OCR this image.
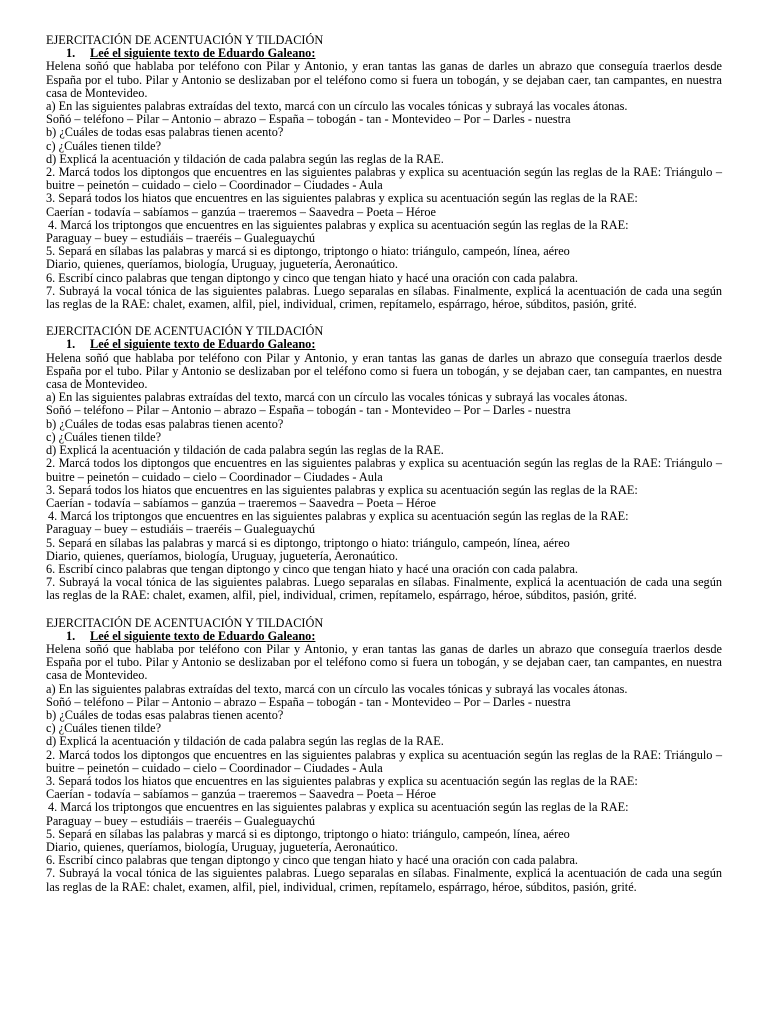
EJERCITACIÓN DE ACENTUACIÓN Y TILDACIÓN

1. Leé el siguiente texto de Eduardo Galeano:

Helena soñó que hablaba por teléfono con Pilar y Antonio, y eran tantas las ganas de darles un abrazo que conseguía traerlos desde España por el tubo. Pilar y Antonio se deslizaban por el teléfono como si fuera un tobogán, y se dejaban caer, tan campantes, en nuestra casa de Montevideo.

a) En las siguientes palabras extraídas del texto, marcá con un círculo las vocales tónicas y subrayá las vocales átonas.

Soñó – teléfono – Pilar – Antonio – abrazo – España – tobogán - tan - Montevideo – Por – Darles - nuestra

b) ¿Cuáles de todas esas palabras tienen acento?

c) ¿Cuáles tienen tilde?

d) Explicá la acentuación y tildación de cada palabra según las reglas de la RAE.

2. Marcá todos los diptongos que encuentres en las siguientes palabras y explica su acentuación según las reglas de la RAE: Triángulo – buitre – peinetón – cuidado – cielo – Coordinador – Ciudades - Aula

3. Separá todos los hiatos que encuentres en las siguientes palabras y explica su acentuación según las reglas de la RAE:

Caerían - todavía – sabíamos – ganzúa – traeremos – Saavedra – Poeta – Héroe

4. Marcá los triptongos que encuentres en las siguientes palabras y explica su acentuación según las reglas de la RAE:

Paraguay – buey – estudiáis – traeréis – Gualeguaychú

5. Separá en sílabas las palabras y marcá si es diptongo, triptongo o hiato: triángulo, campeón, línea, aéreo

Diario, quienes, queríamos, biología, Uruguay, juguetería, Aeronaútico.

6. Escribí cinco palabras que tengan diptongo y cinco que tengan hiato y hacé una oración con cada palabra.

7. Subrayá la vocal tónica de las siguientes palabras. Luego separalas en sílabas. Finalmente, explicá la acentuación de cada una según las reglas de la RAE: chalet, examen, alfil, piel, individual, crimen, repítamelo, espárrago, héroe, súbditos, pasión, grité.

EJERCITACIÓN DE ACENTUACIÓN Y TILDACIÓN

1. Leé el siguiente texto de Eduardo Galeano:

Helena soñó que hablaba por teléfono con Pilar y Antonio, y eran tantas las ganas de darles un abrazo que conseguía traerlos desde España por el tubo. Pilar y Antonio se deslizaban por el teléfono como si fuera un tobogán, y se dejaban caer, tan campantes, en nuestra casa de Montevideo.

a) En las siguientes palabras extraídas del texto, marcá con un círculo las vocales tónicas y subrayá las vocales átonas.

Soñó – teléfono – Pilar – Antonio – abrazo – España – tobogán - tan - Montevideo – Por – Darles - nuestra

b) ¿Cuáles de todas esas palabras tienen acento?

c) ¿Cuáles tienen tilde?

d) Explicá la acentuación y tildación de cada palabra según las reglas de la RAE.

2. Marcá todos los diptongos que encuentres en las siguientes palabras y explica su acentuación según las reglas de la RAE: Triángulo – buitre – peinetón – cuidado – cielo – Coordinador – Ciudades - Aula

3. Separá todos los hiatos que encuentres en las siguientes palabras y explica su acentuación según las reglas de la RAE:

Caerían - todavía – sabíamos – ganzúa – traeremos – Saavedra – Poeta – Héroe

4. Marcá los triptongos que encuentres en las siguientes palabras y explica su acentuación según las reglas de la RAE:

Paraguay – buey – estudiáis – traeréis – Gualeguaychú

5. Separá en sílabas las palabras y marcá si es diptongo, triptongo o hiato: triángulo, campeón, línea, aéreo

Diario, quienes, queríamos, biología, Uruguay, juguetería, Aeronaútico.

6. Escribí cinco palabras que tengan diptongo y cinco que tengan hiato y hacé una oración con cada palabra.

7. Subrayá la vocal tónica de las siguientes palabras. Luego separalas en sílabas. Finalmente, explicá la acentuación de cada una según las reglas de la RAE: chalet, examen, alfil, piel, individual, crimen, repítamelo, espárrago, héroe, súbditos, pasión, grité.

EJERCITACIÓN DE ACENTUACIÓN Y TILDACIÓN

1. Leé el siguiente texto de Eduardo Galeano:

Helena soñó que hablaba por teléfono con Pilar y Antonio, y eran tantas las ganas de darles un abrazo que conseguía traerlos desde España por el tubo. Pilar y Antonio se deslizaban por el teléfono como si fuera un tobogán, y se dejaban caer, tan campantes, en nuestra casa de Montevideo.

a) En las siguientes palabras extraídas del texto, marcá con un círculo las vocales tónicas y subrayá las vocales átonas.

Soñó – teléfono – Pilar – Antonio – abrazo – España – tobogán - tan - Montevideo – Por – Darles - nuestra

b) ¿Cuáles de todas esas palabras tienen acento?

c) ¿Cuáles tienen tilde?

d) Explicá la acentuación y tildación de cada palabra según las reglas de la RAE.

2. Marcá todos los diptongos que encuentres en las siguientes palabras y explica su acentuación según las reglas de la RAE: Triángulo – buitre – peinetón – cuidado – cielo – Coordinador – Ciudades - Aula

3. Separá todos los hiatos que encuentres en las siguientes palabras y explica su acentuación según las reglas de la RAE:

Caerían - todavía – sabíamos – ganzúa – traeremos – Saavedra – Poeta – Héroe

4. Marcá los triptongos que encuentres en las siguientes palabras y explica su acentuación según las reglas de la RAE:

Paraguay – buey – estudiáis – traeréis – Gualeguaychú

5. Separá en sílabas las palabras y marcá si es diptongo, triptongo o hiato: triángulo, campeón, línea, aéreo

Diario, quienes, queríamos, biología, Uruguay, juguetería, Aeronaútico.

6. Escribí cinco palabras que tengan diptongo y cinco que tengan hiato y hacé una oración con cada palabra.

7. Subrayá la vocal tónica de las siguientes palabras. Luego separalas en sílabas. Finalmente, explicá la acentuación de cada una según las reglas de la RAE: chalet, examen, alfil, piel, individual, crimen, repítamelo, espárrago, héroe, súbditos, pasión, grité.
